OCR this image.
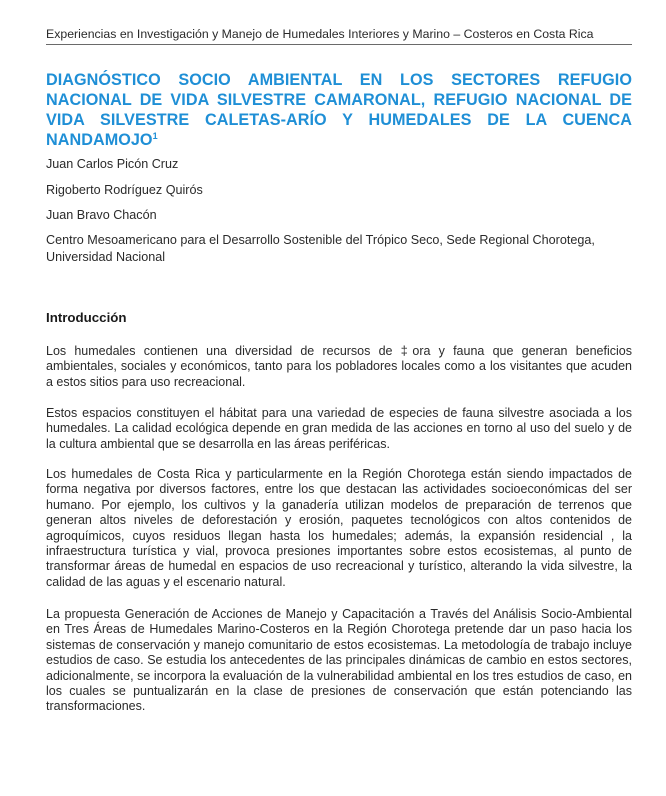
Experiencias en Investigación y Manejo de Humedales Interiores y Marino – Costeros en Costa Rica
DIAGNÓSTICO SOCIO AMBIENTAL EN LOS SECTORES REFUGIO NACIONAL DE VIDA SILVESTRE CAMARONAL, REFUGIO NACIONAL DE VIDA SILVESTRE CALETAS-ARÍO Y HUMEDALES DE LA CUENCA NANDAMOJO$^1$
Juan Carlos Picón Cruz
Rigoberto Rodríguez Quirós
Juan Bravo Chacón

Centro Mesoamericano para el Desarrollo Sostenible del Trópico Seco, Sede Regional Chorotega, Universidad Nacional

Introducción

Los humedales contienen una diversidad de recursos de ‡ora y fauna que generan beneﬁcios ambientales, sociales y económicos, tanto para los pobladores locales como a los visitantes que acuden a estos sitios para uso recreacional.

Estos espacios constituyen el hábitat para una variedad de especies de fauna silvestre asociada a los humedales. La calidad ecológica depende en gran medida de las acciones en torno al uso del suelo y de la cultura ambiental que se desarrolla en las áreas periféricas.

Los humedales de Costa Rica y particularmente en la Región Chorotega están siendo impactados de forma negativa por diversos factores, entre los que destacan las actividades socioeconómicas del ser humano. Por ejemplo, los cultivos y la ganadería utilizan modelos de preparación de terrenos que generan altos niveles de deforestación y erosión, paquetes tecnológicos con altos contenidos de agroquímicos, cuyos residuos llegan hasta los humedales; además, la expansión residencial , la infraestructura turística y vial, provoca presiones importantes sobre estos ecosistemas, al punto de transformar áreas de humedal en espacios de uso recreacional y turístico, alterando la vida silvestre, la calidad de las aguas y el escenario natural.

La propuesta Generación de Acciones de Manejo y Capacitación a Través del Análisis Socio-Ambiental en Tres Áreas de Humedales Marino-Costeros en la Región Chorotega pretende dar un paso hacia los sistemas de conservación y manejo comunitario de estos ecosistemas. La metodología de trabajo incluye estudios de caso. Se estudia los antecedentes de las principales dinámicas de cambio en estos sectores, adicionalmente, se incorpora la evaluación de la vulnerabilidad ambiental en los tres estudios de caso, en los cuales se puntualizarán en la clase de presiones de conservación que están potenciando las transformaciones.
